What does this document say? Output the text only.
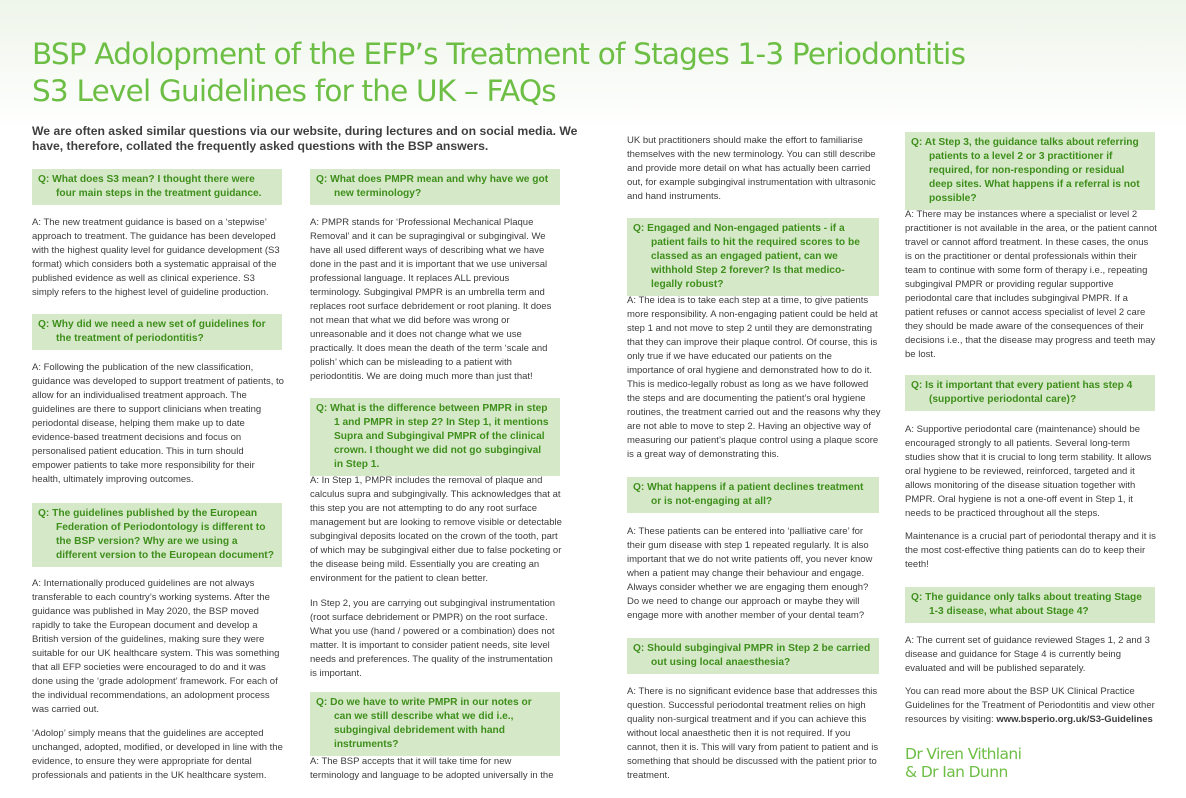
BSP Adolopment of the EFP’s Treatment of Stages 1-3 Periodontitis
S3 Level Guidelines for the UK – FAQs

We are often asked similar questions via our website, during lectures and on social media. We have, therefore, collated the frequently asked questions with the BSP answers.

Q: What does S3 mean? I thought there were four main steps in the treatment guidance.

A: The new treatment guidance is based on a ‘stepwise’ approach to treatment. The guidance has been developed with the highest quality level for guidance development (S3 format) which considers both a systematic appraisal of the published evidence as well as clinical experience. S3 simply refers to the highest level of guideline production.

Q: Why did we need a new set of guidelines for the treatment of periodontitis?

A: Following the publication of the new classification, guidance was developed to support treatment of patients, to allow for an individualised treatment approach. The guidelines are there to support clinicians when treating periodontal disease, helping them make up to date evidence-based treatment decisions and focus on personalised patient education. This in turn should empower patients to take more responsibility for their health, ultimately improving outcomes.

Q: The guidelines published by the European Federation of Periodontology is different to the BSP version? Why are we using a different version to the European document?

A: Internationally produced guidelines are not always transferable to each country’s working systems. After the guidance was published in May 2020, the BSP moved rapidly to take the European document and develop a British version of the guidelines, making sure they were suitable for our UK healthcare system. This was something that all EFP societies were encouraged to do and it was done using the ‘grade adolopment’ framework. For each of the individual recommendations, an adolopment process was carried out.

‘Adolop’ simply means that the guidelines are accepted unchanged, adopted, modified, or developed in line with the evidence, to ensure they were appropriate for dental professionals and patients in the UK healthcare system.

Q: What does PMPR mean and why have we got new terminology?

A: PMPR stands for ‘Professional Mechanical Plaque Removal’ and it can be supragingival or subgingival. We have all used different ways of describing what we have done in the past and it is important that we use universal professional language. It replaces ALL previous terminology. Subgingival PMPR is an umbrella term and replaces root surface debridement or root planing. It does not mean that what we did before was wrong or unreasonable and it does not change what we use practically. It does mean the death of the term ‘scale and polish’ which can be misleading to a patient with periodontitis. We are doing much more than just that!

Q: What is the difference between PMPR in step 1 and PMPR in step 2? In Step 1, it mentions Supra and Subgingival PMPR of the clinical crown. I thought we did not go subgingival in Step 1.

A: In Step 1, PMPR includes the removal of plaque and calculus supra and subgingivally. This acknowledges that at this step you are not attempting to do any root surface management but are looking to remove visible or detectable subgingival deposits located on the crown of the tooth, part of which may be subgingival either due to false pocketing or the disease being mild. Essentially you are creating an environment for the patient to clean better.

In Step 2, you are carrying out subgingival instrumentation (root surface debridement or PMPR) on the root surface. What you use (hand / powered or a combination) does not matter. It is important to consider patient needs, site level needs and preferences. The quality of the instrumentation is important.

Q: Do we have to write PMPR in our notes or can we still describe what we did i.e., subgingival debridement with hand instruments?

A: The BSP accepts that it will take time for new terminology and language to be adopted universally in the

UK but practitioners should make the effort to familiarise themselves with the new terminology. You can still describe and provide more detail on what has actually been carried out, for example subgingival instrumentation with ultrasonic and hand instruments.

Q: Engaged and Non-engaged patients - if a patient fails to hit the required scores to be classed as an engaged patient, can we withhold Step 2 forever? Is that medico-legally robust?

A: The idea is to take each step at a time, to give patients more responsibility. A non-engaging patient could be held at step 1 and not move to step 2 until they are demonstrating that they can improve their plaque control. Of course, this is only true if we have educated our patients on the importance of oral hygiene and demonstrated how to do it. This is medico-legally robust as long as we have followed the steps and are documenting the patient’s oral hygiene routines, the treatment carried out and the reasons why they are not able to move to step 2. Having an objective way of measuring our patient’s plaque control using a plaque score is a great way of demonstrating this.

Q: What happens if a patient declines treatment or is not-engaging at all?

A: These patients can be entered into ‘palliative care’ for their gum disease with step 1 repeated regularly. It is also important that we do not write patients off, you never know when a patient may change their behaviour and engage. Always consider whether we are engaging them enough? Do we need to change our approach or maybe they will engage more with another member of your dental team?

Q: Should subgingival PMPR in Step 2 be carried out using local anaesthesia?

A: There is no significant evidence base that addresses this question. Successful periodontal treatment relies on high quality non-surgical treatment and if you can achieve this without local anaesthetic then it is not required. If you cannot, then it is. This will vary from patient to patient and is something that should be discussed with the patient prior to treatment.

Q: At Step 3, the guidance talks about referring patients to a level 2 or 3 practitioner if required, for non-responding or residual deep sites. What happens if a referral is not possible?

A: There may be instances where a specialist or level 2 practitioner is not available in the area, or the patient cannot travel or cannot afford treatment. In these cases, the onus is on the practitioner or dental professionals within their team to continue with some form of therapy i.e., repeating subgingival PMPR or providing regular supportive periodontal care that includes subgingival PMPR. If a patient refuses or cannot access specialist of level 2 care they should be made aware of the consequences of their decisions i.e., that the disease may progress and teeth may be lost.

Q: Is it important that every patient has step 4 (supportive periodontal care)?

A: Supportive periodontal care (maintenance) should be encouraged strongly to all patients. Several long-term studies show that it is crucial to long term stability. It allows oral hygiene to be reviewed, reinforced, targeted and it allows monitoring of the disease situation together with PMPR. Oral hygiene is not a one-off event in Step 1, it needs to be practiced throughout all the steps.

Maintenance is a crucial part of periodontal therapy and it is the most cost-effective thing patients can do to keep their teeth!

Q: The guidance only talks about treating Stage 1-3 disease, what about Stage 4?

A: The current set of guidance reviewed Stages 1, 2 and 3 disease and guidance for Stage 4 is currently being evaluated and will be published separately.

You can read more about the BSP UK Clinical Practice Guidelines for the Treatment of Periodontitis and view other resources by visiting: www.bsperio.org.uk/S3-Guidelines

Dr Viren Vithlani
& Dr Ian Dunn
